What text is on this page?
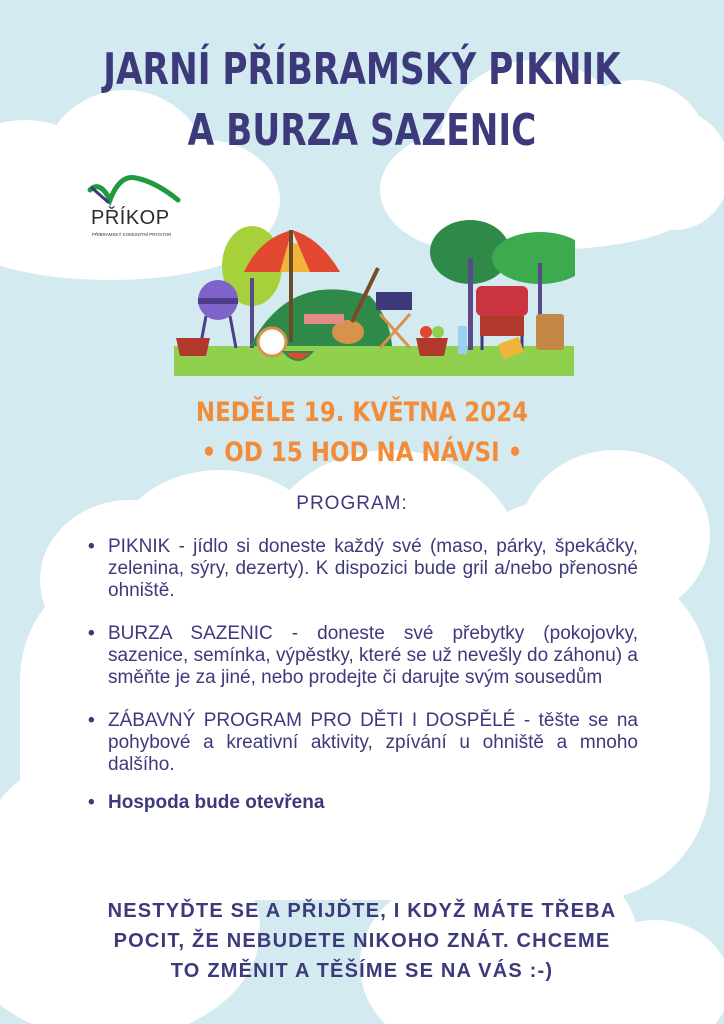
JARNÍ PŘÍBRAMSKÝ PIKNIK
A BURZA SAZENIC
PŘÍKOP
PŘÍBRAMSKÝ KOMUNITNÍ PROSTOR
NEDĚLE 19. KVĚTNA 2024
• OD 15 HOD NA NÁVSI •
PROGRAM:
• PIKNIK - jídlo si doneste každý své (maso, párky, špekáčky, zelenina, sýry, dezerty). K dispozici bude gril a/nebo přenosné ohniště.
• BURZA SAZENIC - doneste své přebytky (pokojovky, sazenice, semínka, výpěstky, které se už nevešly do záhonu) a směňte je za jiné, nebo prodejte či darujte svým sousedům
• ZÁBAVNÝ PROGRAM PRO DĚTI I DOSPĚLÉ - těšte se na pohybové a kreativní aktivity, zpívání u ohniště a mnoho dalšího.
• Hospoda bude otevřena
NESTYĎTE SE A PŘIJĎTE, I KDYŽ MÁTE TŘEBA
POCIT, ŽE NEBUDETE NIKOHO ZNÁT. CHCEME
TO ZMĚNIT A TĚŠÍME SE NA VÁS :-)
